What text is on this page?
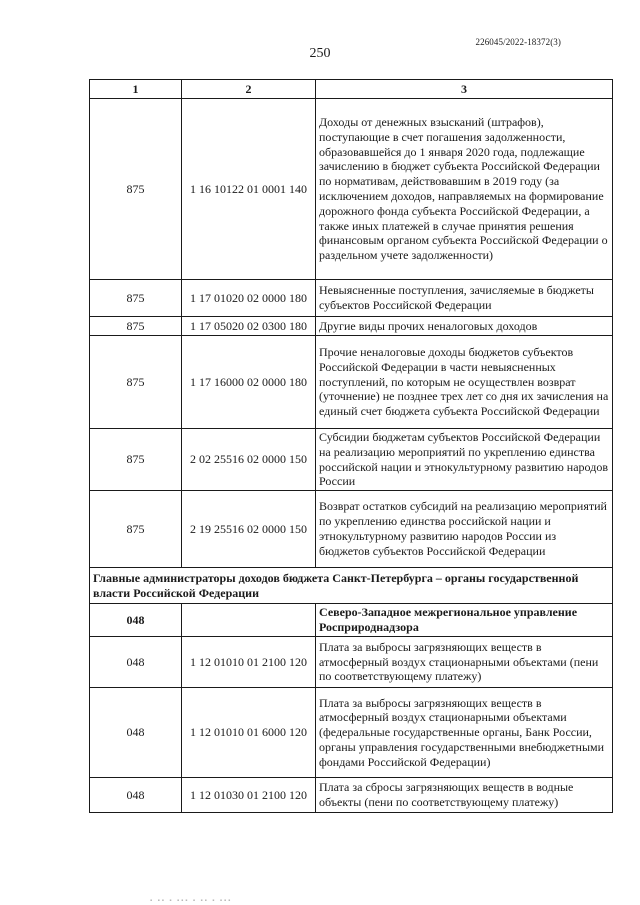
226045/2022-18372(3)
250
1	2	3
875	1 16 10122 01 0001 140	Доходы от денежных взысканий (штрафов), поступающие в счет погашения задолженности, образовавшейся до 1 января 2020 года, подлежащие зачислению в бюджет субъекта Российской Федерации по нормативам, действовавшим в 2019 году (за исключением доходов, направляемых на формирование дорожного фонда субъекта Российской Федерации, а также иных платежей в случае принятия решения финансовым органом субъекта Российской Федерации о раздельном учете задолженности)
875	1 17 01020 02 0000 180	Невыясненные поступления, зачисляемые в бюджеты субъектов Российской Федерации
875	1 17 05020 02 0300 180	Другие виды прочих неналоговых доходов
875	1 17 16000 02 0000 180	Прочие неналоговые доходы бюджетов субъектов Российской Федерации в части невыясненных поступлений, по которым не осуществлен возврат (уточнение) не позднее трех лет со дня их зачисления на единый счет бюджета субъекта Российской Федерации
875	2 02 25516 02 0000 150	Субсидии бюджетам субъектов Российской Федерации на реализацию мероприятий по укреплению единства российской нации и этнокультурному развитию народов России
875	2 19 25516 02 0000 150	Возврат остатков субсидий на реализацию мероприятий по укреплению единства российской нации и этнокультурному развитию народов России из бюджетов субъектов Российской Федерации
Главные администраторы доходов бюджета Санкт-Петербурга – органы государственной власти Российской Федерации		
048		Северо-Западное межрегиональное управление Росприроднадзора
048	1 12 01010 01 2100 120	Плата за выбросы загрязняющих веществ в атмосферный воздух стационарными объектами (пени по соответствующему платежу)
048	1 12 01010 01 6000 120	Плата за выбросы загрязняющих веществ в атмосферный воздух стационарными объектами (федеральные государственные органы, Банк России, органы управления государственными внебюджетными фондами Российской Федерации)
048	1 12 01030 01 2100 120	Плата за сбросы загрязняющих веществ в водные объекты (пени по соответствующему платежу)
▪ ▪▪ ▪ ▪▪▪ ▪ ▪▪ ▪ ▪▪▪
